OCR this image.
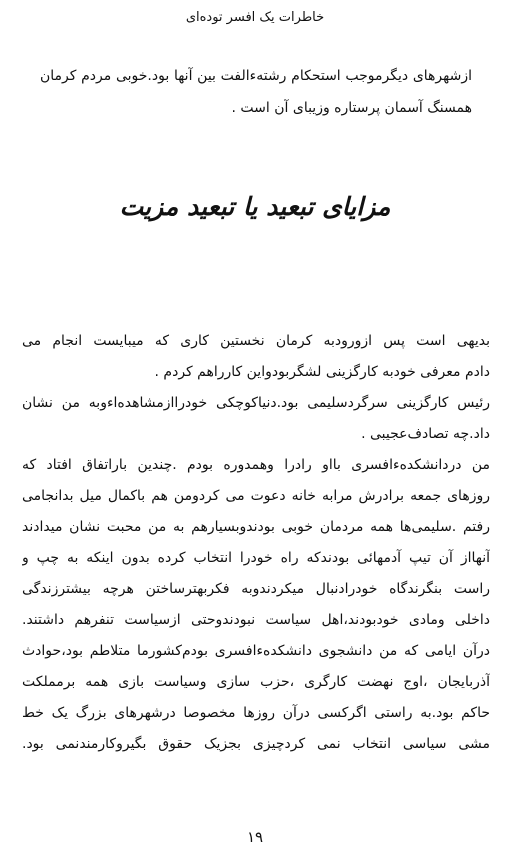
خاطرات یک افسر توده‌ای

ازشهرهای دیگرموجب استحکام رشته‌ءالفت بین آنها بود.خوبی مردم کرمان همسنگ آسمان پرستاره وزیبای آن است .

مزایای تبعید یا تبعید مزیت
بدیهی است پس ازورودبه کرمان نخستین کاری که میبایست انجام می
دادم معرفی خودبه کارگزینی لشگربودواین کارراهم کردم .
رئیس کارگزینی سرگردسلیمی بود.دنیاکوچکی خودراازمشاهده‌اءوبه من نشان
داد.چه تصادف‌عجیبی .
من دردانشکده‌ءافسری بااو رادرا وهمدوره بودم .چندین باراتفاق افتاد که
روزهای جمعه برادرش مرابه خانه دعوت می کردومن هم باکمال میل بدانجامی
رفتم .سلیمی‌ها همه مردمان خوبی بودندوبسیارهم به من محبت نشان میدادند
آنهااز آن تیپ آدمهائی بودندکه راه خودرا انتخاب کرده بدون اینکه به چپ و
راست بنگرندگاه خودرادنبال میکردندوبه فکربهترساختن هرچه بیشترزندگی
داخلی ومادی خودبودند،اهل سیاست نبودندوحتی ازسیاست تنفرهم داشتند.
درآن ایامی که من دانشجوی دانشکده‌ءافسری بودم‌کشورما متلاطم بود،حوادث
آذربایجان ،اوج نهضت کارگری ،حزب سازی وسیاست بازی همه برمملکت
حاکم بود.به راستی اگرکسی درآن روزها مخصوصا درشهرهای بزرگ یک خط
مشی سیاسی انتخاب نمی کردچیزی بجزیک حقوق بگیروکارمندنمی بود.
۱۹
